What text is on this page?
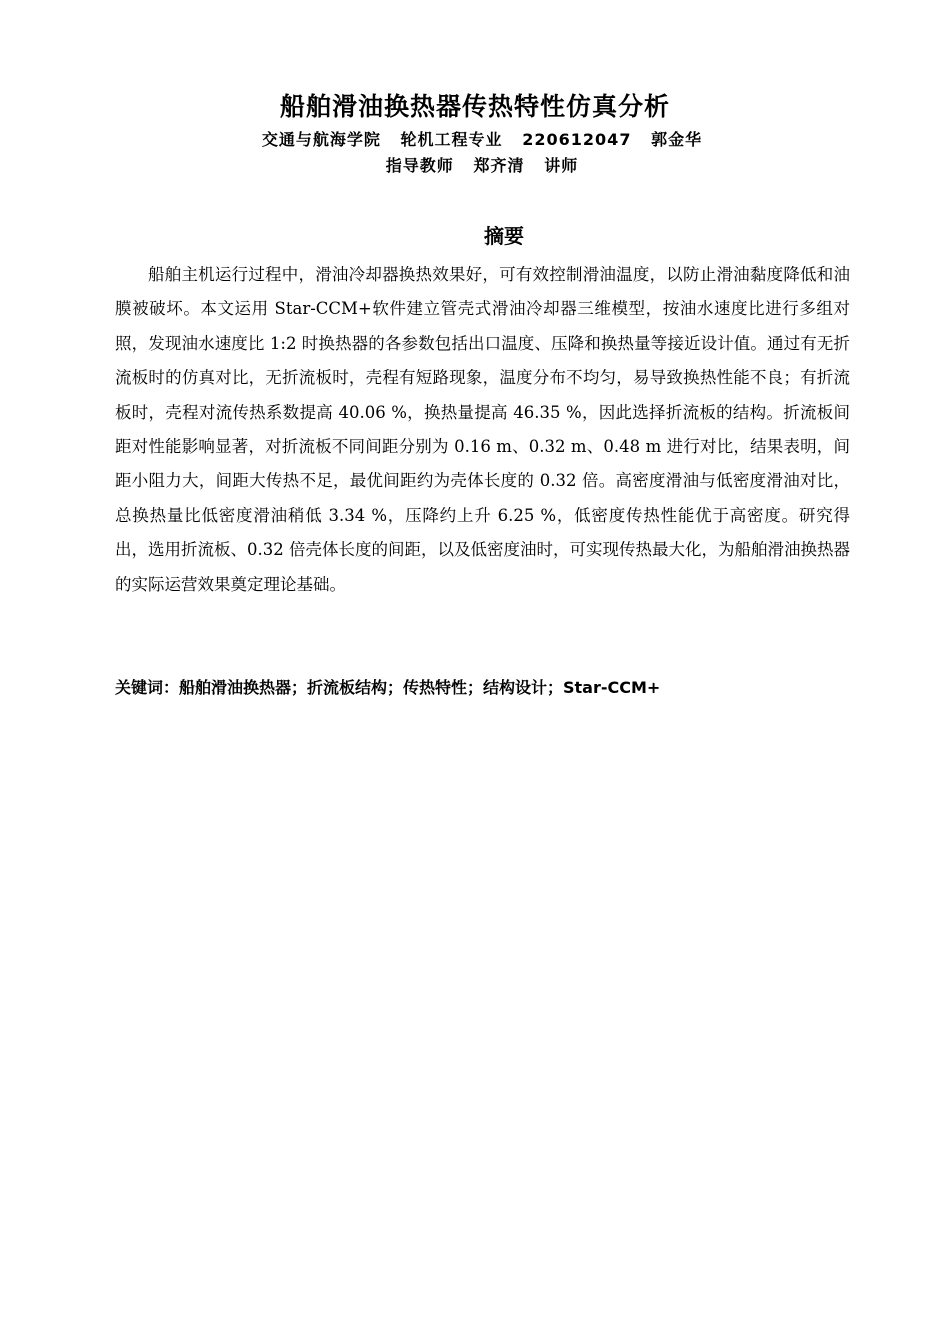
船舶滑油换热器传热特性仿真分析
交通与航海学院   轮机工程专业   220612047   郭金华
指导教师   郑齐清   讲师
摘要

船舶主机运行过程中，滑油冷却器换热效果好，可有效控制滑油温度，以防止滑油黏度降低和油膜被破坏。本文运用 Star-CCM+软件建立管壳式滑油冷却器三维模型，按油水速度比进行多组对照，发现油水速度比 1:2 时换热器的各参数包括出口温度、压降和换热量等接近设计值。通过有无折流板时的仿真对比，无折流板时，壳程有短路现象，温度分布不均匀，易导致换热性能不良；有折流板时，壳程对流传热系数提高 40.06 %，换热量提高 46.35 %，因此选择折流板的结构。折流板间距对性能影响显著，对折流板不同间距分别为 0.16 m、0.32 m、0.48 m 进行对比，结果表明，间距小阻力大，间距大传热不足，最优间距约为壳体长度的 0.32 倍。高密度滑油与低密度滑油对比，总换热量比低密度滑油稍低 3.34 %，压降约上升 6.25 %，低密度传热性能优于高密度。研究得出，选用折流板、0.32 倍壳体长度的间距，以及低密度油时，可实现传热最大化，为船舶滑油换热器的实际运营效果奠定理论基础。

关键词：船舶滑油换热器；折流板结构；传热特性；结构设计；Star-CCM+
